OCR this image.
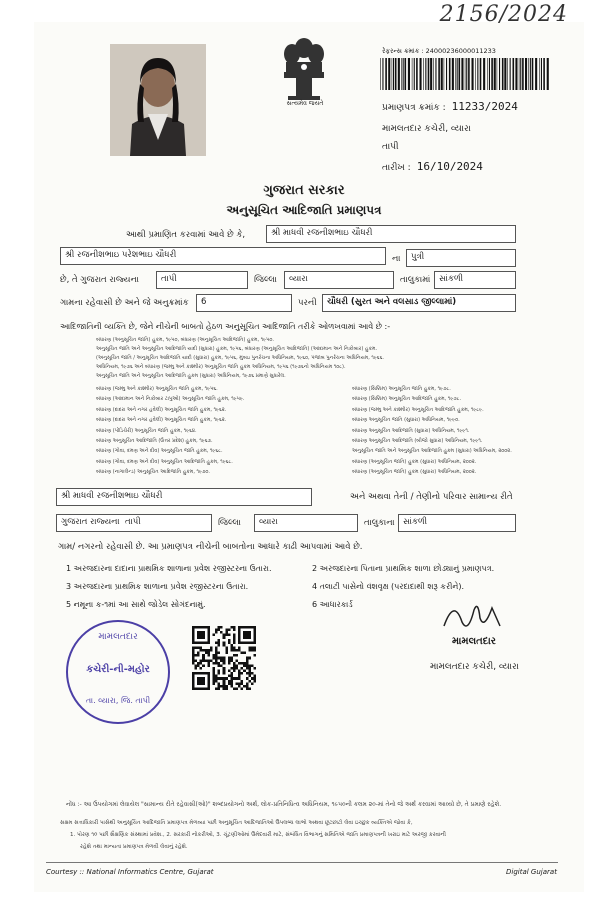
2156/2024
સત્યમેવ જયતે
રેફરન્સ ક્રમાંક : 24000236000011233
પ્રમાણપત્ર ક્રમાંક : 11233/2024
મામલતદાર કચેરી, વ્યારા
તાપી
તારીખ : 16/10/2024
ગુજરાત સરકાર
અનુસૂચિત આદિજાતિ પ્રમાણપત્ર
આથી પ્રમાણિત કરવામાં આવે છે કે,	શ્રી માધવી રજનીશભાઇ ચૌધરી
શ્રી રજનીશભાઇ પરેશભાઇ ચૌધરી	ના	પુત્રી
છે, તે ગુજરાત રાજ્યના	તાપી	જિલ્લા	વ્યારા	તાલુકામાં	સાંકળી
ગામના રહેવાસી છે અને જે અનુક્રમાંક	6	પરની	ચૌધરી (સુરત અને વલસાડ જીલ્લામાં)
આદિજાતિની વ્યક્તિ છે, જેને નીચેની બાબતો હેઠળ અનુસૂચિત આદિજાતિ તરીકે ઓળખવામાં આવે છે :-
બંધારણ (અનુસૂચિત જાતિ) હુકમ, ૧૯૫૦, બંધારણ (અનુસૂચિત આદિજાતિ) હુકમ, ૧૯૫૦.
અનુસૂચિત જાતિ અને અનુસૂચિત આદિજાતિ યાદી (સુધારા) હુકમ, ૧૯૫૬, બંધારણ (અનુસૂચિત આદિજાતિ) (આંદામાન અને નિકોબાર) હુકમ.
(અનુસૂચિત જાતિ / અનુસૂચિત આદિજાતિ યાદી (સુધારા) હુકમ, ૧૯૫૬, મુંબઇ પુનર્રચના અધિનિયમ, ૧૯૬૦, પંજાબ પુનર્રચના અધિનિયમ, ૧૯૬૬.
અધિનિયમ, ૧૯૭૬ અને બંધારણ (જમ્મુ અને કાશ્મીર) અનુસૂચિત જાતિ હુકમ અધિનિયમ, ૧૯૫૬ (૧૯૭૬નો અધિનિયમ ૧૦૮).
અનુસૂચિત જાતિ અને અનુસૂચિત આદિજાતિ હુકમ (સુધારા) અધિનિયમ, ૧૯૭૬ પ્રમાણે સુધારેલ.
બંધારણ (જમ્મુ અને કાશ્મીર) અનુસૂચિત જાતિ હુકમ, ૧૯૫૬.
બંધારણ (આંદામાન અને નિકોબાર ટાપુઓ) અનુસૂચિત જાતિ હુકમ, ૧૯૫૯.
બંધારણ (દાદરા અને નગર હવેલી) અનુસૂચિત જાતિ હુકમ, ૧૯૬૨.
બંધારણ (દાદરા અને નગર હવેલી) અનુસૂચિત જાતિ હુકમ, ૧૯૬૨.
બંધારણ (પોંડિચેરી) અનુસૂચિત જાતિ હુકમ, ૧૯૬૪.
બંધારણ અનુસૂચિત આદિજાતિ (ઉત્તર પ્રદેશ) હુકમ, ૧૯૬૭.
બંધારણ (ગોવા, દમણ અને દીવ) અનુસૂચિત જાતિ હુકમ, ૧૯૬૮.
બંધારણ (ગોવા, દમણ અને દીવ) અનુસૂચિત આદિજાતિ હુકમ, ૧૯૬૮.
બંધારણ (નાગાલેન્ડ) અનુસૂચિત આદિજાતિ હુકમ, ૧૯૭૦.
બંધારણ (સિક્કિમ) અનુસૂચિત જાતિ હુકમ, ૧૯૭૮.
બંધારણ (સિક્કિમ) અનુસૂચિત આદિજાતિ હુકમ, ૧૯૭૮.
બંધારણ (જમ્મુ અને કાશ્મીર) અનુસૂચિત આદિજાતિ હુકમ, ૧૯૮૯.
બંધારણ અનુસૂચિત જાતિ (સુધારા) અધિનિયમ, ૧૯૯૦.
બંધારણ અનુસૂચિત આદિજાતિ (સુધારા) અધિનિયમ, ૧૯૯૧.
બંધારણ અનુસૂચિત આદિજાતિ (બીજો સુધારા) અધિનિયમ, ૧૯૯૧.
અનુસૂચિત જાતિ અને અનુસૂચિત આદિજાતિ હુકમ (સુધારા) અધિનિયમ, ૨૦૦૨.
બંધારણ (અનુસૂચિત જાતિ) હુકમ (સુધારા) અધિનિયમ, ૨૦૦૨.
બંધારણ (અનુસૂચિત જાતિ) હુકમ (સુધારા) અધિનિયમ, ૨૦૦૨.
શ્રી માધવી રજનીશભાઇ ચૌધરી	અને અથવા તેની / તેણીનો પરિવાર સામાન્ય રીતે
ગુજરાત રાજ્યના તાપી	જિલ્લા	વ્યારા	તાલુકાના સાંકળી
ગામ/ નગરનો રહેવાસી છે. આ પ્રમાણપત્ર નીચેની બાબતોના આધારે કાઢી આપવામાં આવે છે.
1 અરજદારના દાદાના પ્રાથમિક શાળાના પ્રવેશ રજીસ્ટરના ઉતારા.	2 અરજદારના પિતાના પ્રાથમિક શાળા છોડ્યાનું પ્રમાણપત્ર.
3 અરજદારના પ્રાથમિક શાળાના પ્રવેશ રજીસ્ટરના ઉતારા.	4 તલાટી પાસેનો વંશવૃક્ષ (પરદાદાથી શરૂ કરીને).
5 નમૂના ક-૧માં આ સાથે જોડેલ સોગંદનામું.	6 આધારકાર્ડ
મામલતદાર
કચેરી-ની-મહોર
તા. વ્યારા, જિ. તાપી
મામલતદાર
મામલતદાર કચેરી, વ્યારા
નોંધ :- આ ઉપયોગમાં લેવાયેલ "સામાન્ય રીતે રહેવાસી(ઓ)" શબ્દપ્રયોગનો અર્થ, લોક-પ્રતિનિધિત્વ અધિનિયમ, ૧૯૫૦ની કલમ ૨૦-માં તેનો જે અર્થ કરવામાં આવ્યો છે, તે પ્રમાણે રહેશે.
સક્ષમ સત્તાધિકારી પાસેથી અનુસૂચિત આદિજાતિ પ્રમાણપત્ર મેળવ્યા પછી અનુસૂચિત આદિજાતિઓ ઉપલબ્ધ લાભો અથવા છૂટછાટો લેવા ઇચ્છુક વ્યક્તિએ જોવા કે,
1. પોરણ ૧૦ પછી શૈક્ષણિક સંસ્થામાં પ્રવેશ., 2. સરકારી નોકરીઓ, 3. ચૂંટણીઓમાં ઉમેદવારી માટે, સંબંધિત વિભાગનું સમિતિએ જાતિ પ્રમાણપત્રની ખરાઇ માટે અરજી કરવાની
રહેશે તથા માન્યતા પ્રમાણપત્ર મેળવી લેવાનું રહેશે.
Courtesy :: National Informatics Centre, Gujarat	Digital Gujarat
